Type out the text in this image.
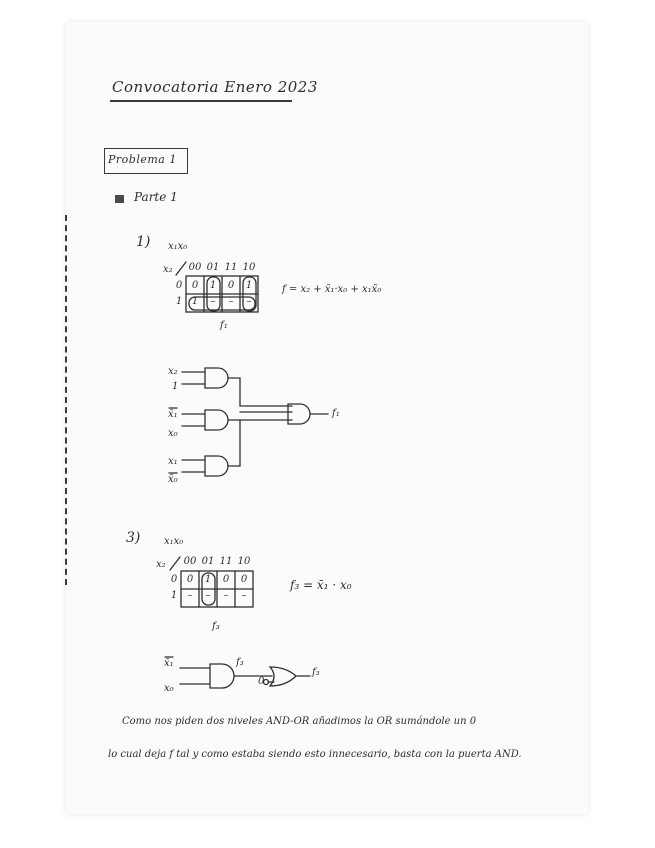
Convocatoria Enero 2023
Problema 1
Parte 1
1) x₁x₀
x₂ 00 01 11 10
0
1
0	1	0	1
1	–	–	–
f₁
f = x₂ + x̄₁·x₀ + x₁x̄₀
x₂
1
x̄₁
x₀
x₁
x̄₀
f₁
3) x₁x₀
x₂ 00 01 11 10
0
1
0	1	0	0
–	–	–	–
f₃
f₃ = x̄₁ · x₀
x̄₁
x₀
f₃
0
f₃
Como nos piden dos niveles AND-OR añadimos la OR sumándole un 0
lo cual deja f tal y como estaba siendo esto innecesario, basta con la puerta AND.
